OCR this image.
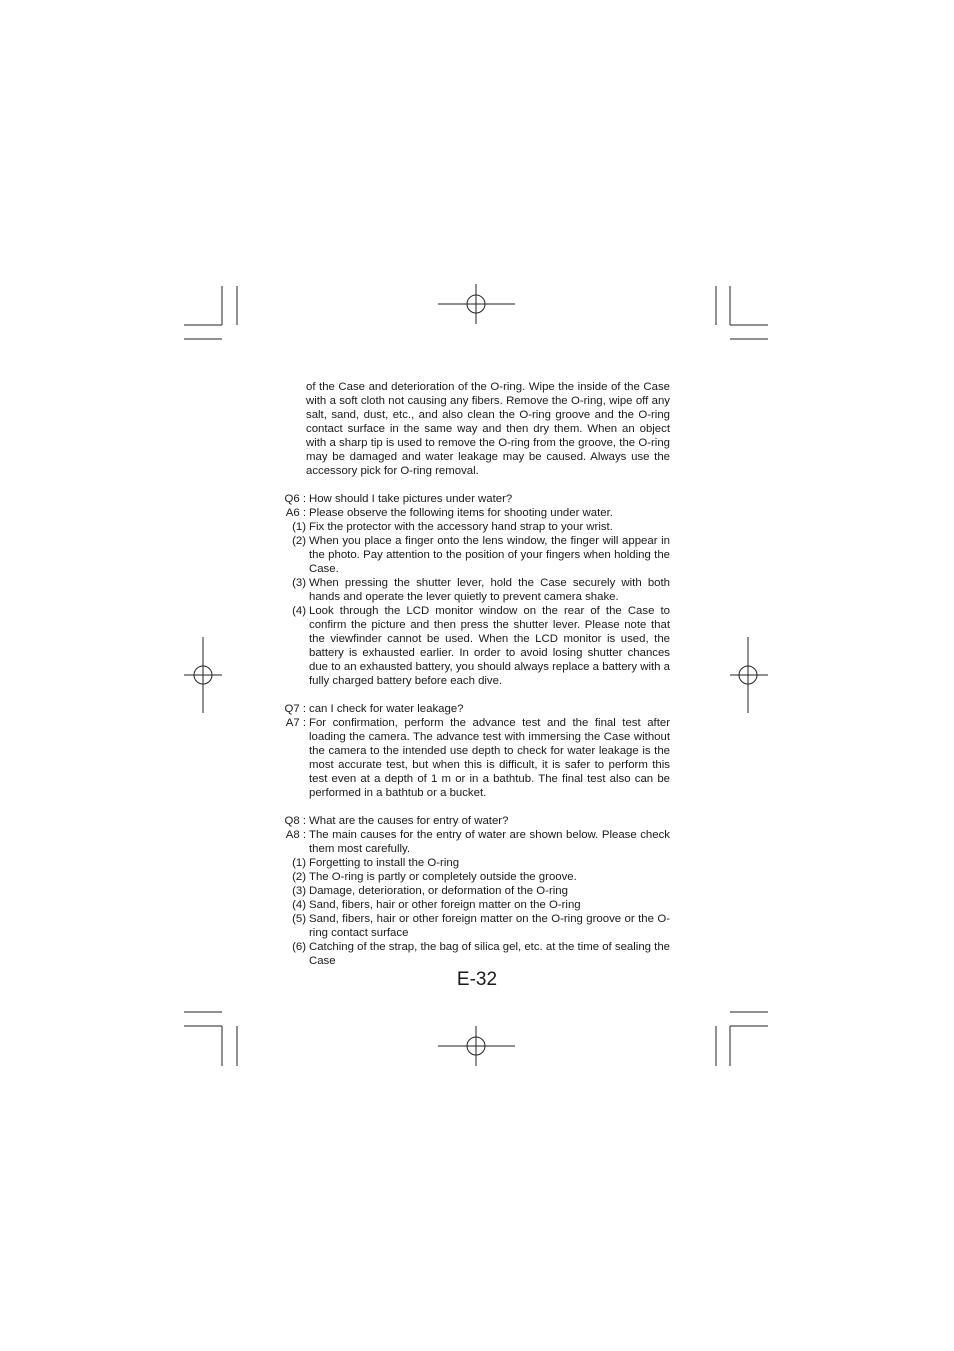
of the Case and deterioration of the O-ring. Wipe the inside of the Case with a soft cloth not causing any fibers. Remove the O-ring, wipe off any salt, sand, dust, etc., and also clean the O-ring groove and the O-ring contact surface in the same way and then dry them. When an object with a sharp tip is used to remove the O-ring from the groove, the O-ring may be damaged and water leakage may be caused. Always use the accessory pick for O-ring removal.
Q6 : How should I take pictures under water?
A6 : Please observe the following items for shooting under water.
(1) Fix the protector with the accessory hand strap to your wrist.
(2) When you place a finger onto the lens window, the finger will appear in the photo. Pay attention to the position of your fingers when holding the Case.
(3) When pressing the shutter lever, hold the Case securely with both hands and operate the lever quietly to prevent camera shake.
(4) Look through the LCD monitor window on the rear of the Case to confirm the picture and then press the shutter lever. Please note that the viewfinder cannot be used. When the LCD monitor is used, the battery is exhausted earlier. In order to avoid losing shutter chances due to an exhausted battery, you should always replace a battery with a fully charged battery before each dive.
Q7 : can I check for water leakage?
A7 : For confirmation, perform the advance test and the final test after loading the camera. The advance test with immersing the Case without the camera to the intended use depth to check for water leakage is the most accurate test, but when this is difficult, it is safer to perform this test even at a depth of 1 m or in a bathtub. The final test also can be performed in a bathtub or a bucket.
Q8 : What are the causes for entry of water?
A8 : The main causes for the entry of water are shown below. Please check them most carefully.
(1) Forgetting to install the O-ring
(2) The O-ring is partly or completely outside the groove.
(3) Damage, deterioration, or deformation of the O-ring
(4) Sand, fibers, hair or other foreign matter on the O-ring
(5) Sand, fibers, hair or other foreign matter on the O-ring groove or the O-ring contact surface
(6) Catching of the strap, the bag of silica gel, etc. at the time of sealing the Case
E-32
